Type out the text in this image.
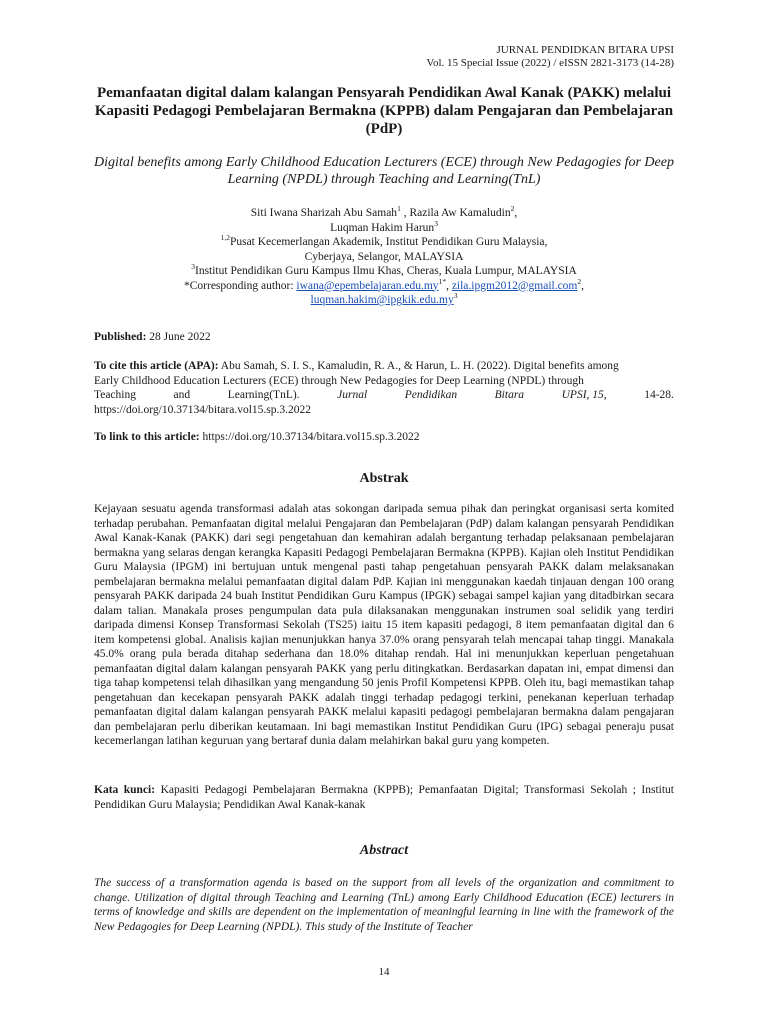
JURNAL PENDIDKAN BITARA UPSI
Vol. 15 Special Issue (2022) / eISSN 2821-3173 (14-28)
Pemanfaatan digital dalam kalangan Pensyarah Pendidikan Awal Kanak (PAKK) melalui Kapasiti Pedagogi Pembelajaran Bermakna (KPPB) dalam Pengajaran dan Pembelajaran (PdP)
Digital benefits among Early Childhood Education Lecturers (ECE) through New Pedagogies for Deep Learning (NPDL) through Teaching and Learning(TnL)
Siti Iwana Sharizah Abu Samah$^1$ , Razila Aw Kamaludin$^2$,
Luqman Hakim Harun$^3$
$^{1,2}$Pusat Kecemerlangan Akademik, Institut Pendidikan Guru Malaysia,
Cyberjaya, Selangor, MALAYSIA
$^3$Institut Pendidikan Guru Kampus Ilmu Khas, Cheras, Kuala Lumpur, MALAYSIA
*Corresponding author: $iwana@epembelajaran.edu.my^{1*}$, zila.ipgm2012@gmail.com$^2$,
$luqman.hakim@ipgkik.edu.my^3$
Published: 28 June 2022
To cite this article (APA): Abu Samah, S. I. S., Kamaludin, R. A., & Harun, L. H. (2022). Digital benefits among
Early Childhood Education Lecturers (ECE) through New Pedagogies for Deep Learning (NPDL) through
Teaching	and	Learning(TnL).	Jurnal	Pendidikan	Bitara	UPSI, 15,	14-28.
https://doi.org/10.37134/bitara.vol15.sp.3.2022
To link to this article: https://doi.org/10.37134/bitara.vol15.sp.3.2022
Abstrak
Kejayaan sesuatu agenda transformasi adalah atas sokongan daripada semua pihak dan peringkat organisasi serta komited terhadap perubahan. Pemanfaatan digital melalui Pengajaran dan Pembelajaran (PdP) dalam kalangan pensyarah Pendidikan Awal Kanak-Kanak (PAKK) dari segi pengetahuan dan kemahiran adalah bergantung terhadap pelaksanaan pembelajaran bermakna yang selaras dengan kerangka Kapasiti Pedagogi Pembelajaran Bermakna (KPPB). Kajian oleh Institut Pendidikan Guru Malaysia (IPGM) ini bertujuan untuk mengenal pasti tahap pengetahuan pensyarah PAKK dalam melaksanakan pembelajaran bermakna melalui pemanfaatan digital dalam PdP. Kajian ini menggunakan kaedah tinjauan dengan 100 orang pensyarah PAKK daripada 24 buah Institut Pendidikan Guru Kampus (IPGK) sebagai sampel kajian yang ditadbirkan secara dalam talian. Manakala proses pengumpulan data pula dilaksanakan menggunakan instrumen soal selidik yang terdiri daripada dimensi Konsep Transformasi Sekolah (TS25) iaitu 15 item kapasiti pedagogi, 8 item pemanfaatan digital dan 6 item kompetensi global. Analisis kajian menunjukkan hanya 37.0% orang pensyarah telah mencapai tahap tinggi. Manakala 45.0% orang pula berada ditahap sederhana dan 18.0% ditahap rendah. Hal ini menunjukkan keperluan pengetahuan pemanfaatan digital dalam kalangan pensyarah PAKK yang perlu ditingkatkan. Berdasarkan dapatan ini, empat dimensi dan tiga tahap kompetensi telah dihasilkan yang mengandung 50 jenis Profil Kompetensi KPPB. Oleh itu, bagi memastikan tahap pengetahuan dan kecekapan pensyarah PAKK adalah tinggi terhadap pedagogi terkini, penekanan keperluan terhadap pemanfaatan digital dalam kalangan pensyarah PAKK melalui kapasiti pedagogi pembelajaran bermakna dalam pengajaran dan pembelajaran perlu diberikan keutamaan. Ini bagi memastikan Institut Pendidikan Guru (IPG) sebagai peneraju pusat kecemerlangan latihan keguruan yang bertaraf dunia dalam melahirkan bakal guru yang kompeten.
Kata kunci: Kapasiti Pedagogi Pembelajaran Bermakna (KPPB); Pemanfaatan Digital; Transformasi Sekolah ; Institut Pendidikan Guru Malaysia; Pendidikan Awal Kanak-kanak
Abstract
The success of a transformation agenda is based on the support from all levels of the organization and commitment to change. Utilization of digital through Teaching and Learning (TnL) among Early Childhood Education (ECE) lecturers in terms of knowledge and skills are dependent on the implementation of meaningful learning in line with the framework of the New Pedagogies for Deep Learning (NPDL). This study of the Institute of Teacher
14
